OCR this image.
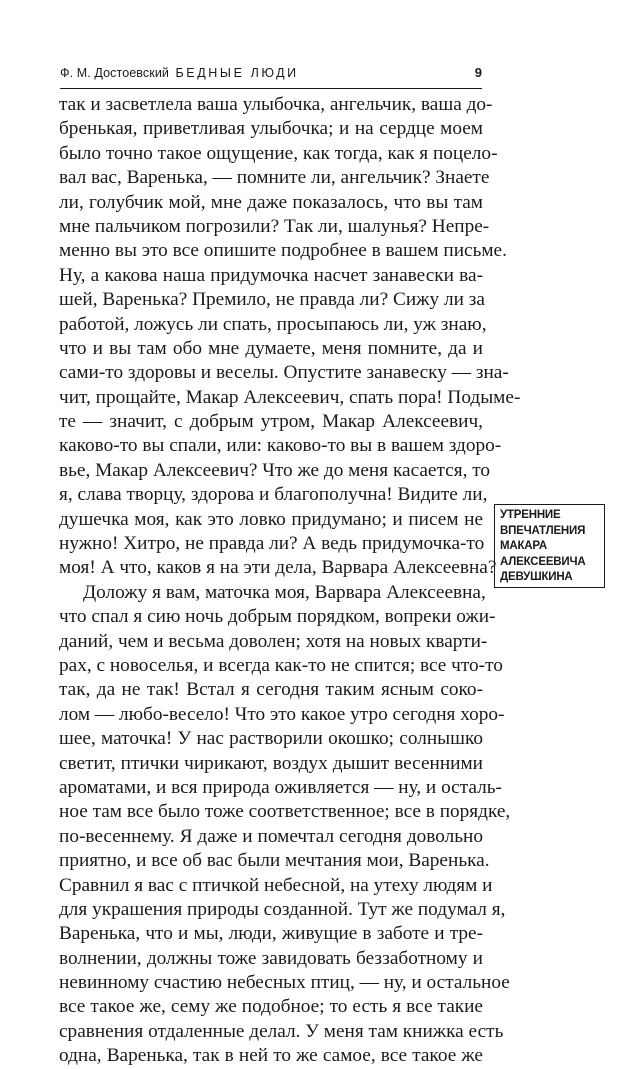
Ф. М. Достоевский БЕДНЫЕ ЛЮДИ	9
так и засветлела ваша улыбочка, ангельчик, ваша до-
бренькая, приветливая улыбочка; и на сердце моем
было точно такое ощущение, как тогда, как я поцело-
вал вас, Варенька, — помните ли, ангельчик? Знаете
ли, голубчик мой, мне даже показалось, что вы там
мне пальчиком погрозили? Так ли, шалунья? Непре-
менно вы это все опишите подробнее в вашем письме.
Ну, а какова наша придумочка насчет занавески ва-
шей, Варенька? Премило, не правда ли? Сижу ли за
работой, ложусь ли спать, просыпаюсь ли, уж знаю,
что и вы там обо мне думаете, меня помните, да и
сами-то здоровы и веселы. Опустите занавеску — зна-
чит, прощайте, Макар Алексеевич, спать пора! Подыме-
те — значит, с добрым утром, Макар Алексеевич,
каково-то вы спали, или: каково-то вы в вашем здоро-
вье, Макар Алексеевич? Что же до меня касается, то
я, слава творцу, здорова и благополучна! Видите ли,
душечка моя, как это ловко придумано; и писем не
нужно! Хитро, не правда ли? А ведь придумочка-то
моя! А что, каков я на эти дела, Варвара Алексеевна?
Доложу я вам, маточка моя, Варвара Алексеевна,
что спал я сию ночь добрым порядком, вопреки ожи-
даний, чем и весьма доволен; хотя на новых кварти-
рах, с новоселья, и всегда как-то не спится; все что-то
так, да не так! Встал я сегодня таким ясным соко-
лом — любо-весело! Что это какое утро сегодня хоро-
шее, маточка! У нас растворили окошко; солнышко
светит, птички чирикают, воздух дышит весенними
ароматами, и вся природа оживляется — ну, и осталь-
ное там все было тоже соответственное; все в порядке,
по-весеннему. Я даже и помечтал сегодня довольно
приятно, и все об вас были мечтания мои, Варенька.
Сравнил я вас с птичкой небесной, на утеху людям и
для украшения природы созданной. Тут же подумал я,
Варенька, что и мы, люди, живущие в заботе и тре-
волнении, должны тоже завидовать беззаботному и
невинному счастию небесных птиц, — ну, и остальное
все такое же, сему же подобное; то есть я все такие
сравнения отдаленные делал. У меня там книжка есть
одна, Варенька, так в ней то же самое, все такое же
УТРЕННИЕ
ВПЕЧАТЛЕНИЯ
МАКАРА
АЛЕКСЕЕВИЧА
ДЕВУШКИНА
